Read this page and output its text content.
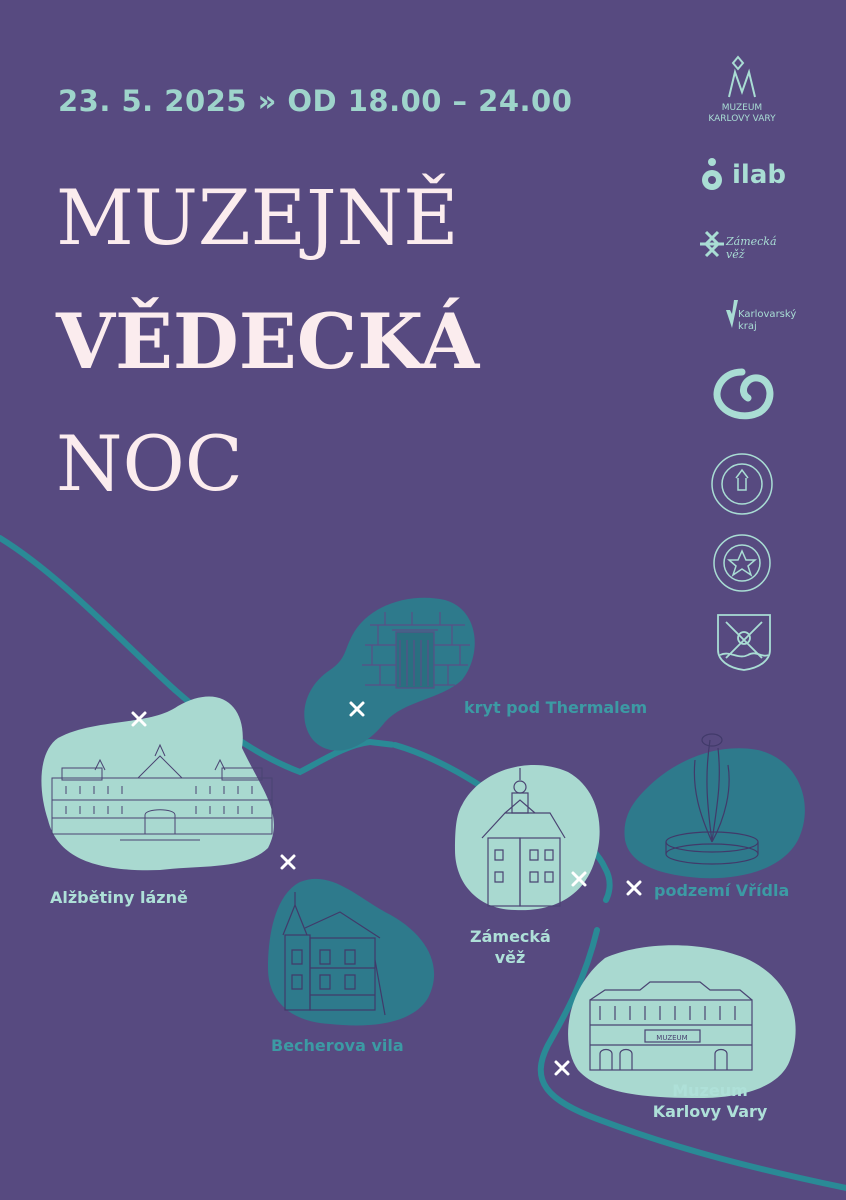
MUZEUM
23. 5. 2025 » OD 18.00 – 24.00
MUZEJNĚ
VĚDECKÁ
NOC
MUZEUM
KARLOVY VARY
ilab
Zámecká
věž
Karlovarský
kraj
Alžbětiny lázně
kryt pod Thermalem
Becherova vila
Zámecká
věž
podzemí Vřídla
Muzeum
Karlovy Vary
